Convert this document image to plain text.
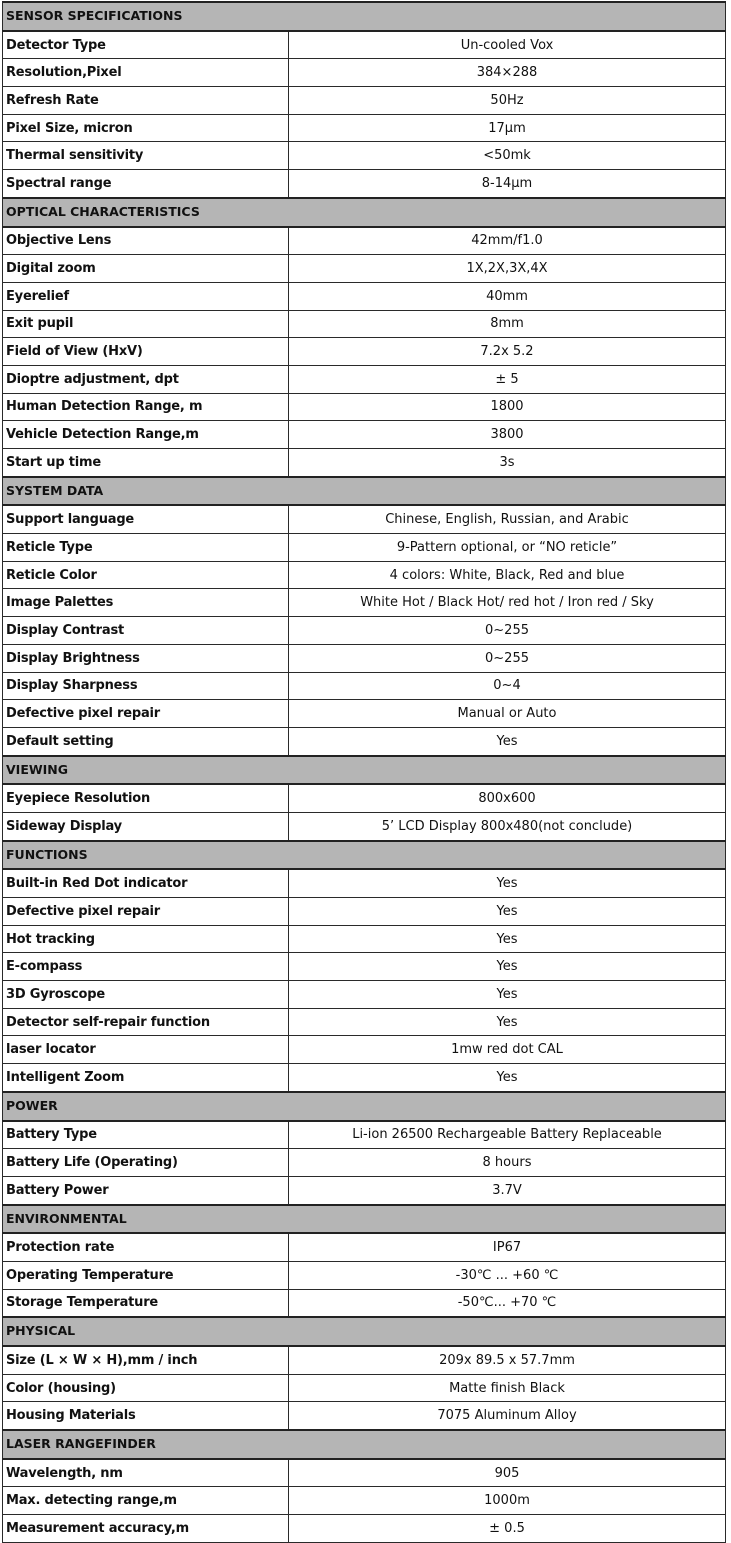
SENSOR SPECIFICATIONS	
Detector Type	Un-cooled Vox
Resolution,Pixel	384×288
Refresh Rate	50Hz
Pixel Size, micron	17μm
Thermal sensitivity	<50mk
Spectral range	8-14μm
OPTICAL CHARACTERISTICS	
Objective Lens	42mm/f1.0
Digital zoom	1X,2X,3X,4X
Eyerelief	40mm
Exit pupil	8mm
Field of View (HxV)	7.2x 5.2
Dioptre adjustment, dpt	± 5
Human Detection Range, m	1800
Vehicle Detection Range,m	3800
Start up time	3s
SYSTEM DATA	
Support language	Chinese, English, Russian, and Arabic
Reticle Type	9-Pattern optional, or “NO reticle”
Reticle Color	4 colors: White, Black, Red and blue
Image Palettes	White Hot / Black Hot/ red hot / Iron red / Sky
Display Contrast	0~255
Display Brightness	0~255
Display Sharpness	0~4
Defective pixel repair	Manual or Auto
Default setting	Yes
VIEWING	
Eyepiece Resolution	800x600
Sideway Display	5’ LCD Display 800x480(not conclude)
FUNCTIONS	
Built-in Red Dot indicator	Yes
Defective pixel repair	Yes
Hot tracking	Yes
E-compass	Yes
3D Gyroscope	Yes
Detector self-repair function	Yes
laser locator	1mw red dot CAL
Intelligent Zoom	Yes
POWER	
Battery Type	Li-ion 26500 Rechargeable Battery Replaceable
Battery Life (Operating)	8 hours
Battery Power	3.7V
ENVIRONMENTAL	
Protection rate	IP67
Operating Temperature	-30℃ ... +60 ℃
Storage Temperature	-50℃... +70 ℃
PHYSICAL	
Size (L × W × H),mm / inch	209x 89.5 x 57.7mm
Color (housing)	Matte finish Black
Housing Materials	7075 Aluminum Alloy
LASER RANGEFINDER	
Wavelength, nm	905
Max. detecting range,m	1000m
Measurement accuracy,m	± 0.5
